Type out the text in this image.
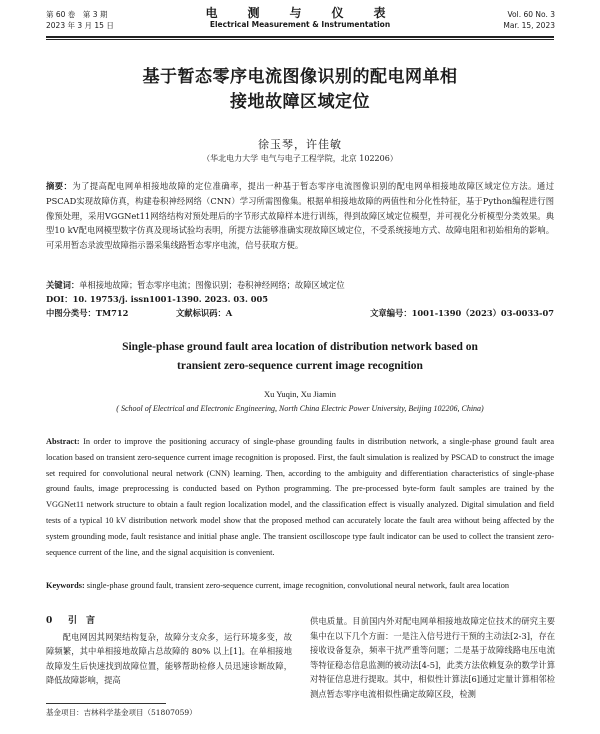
第 60 卷　第 3 期
2023 年 3 月 15 日
电　测　与　仪　表
Electrical Measurement & Instrumentation
Vol. 60 No. 3
Mar. 15, 2023
基于暂态零序电流图像识别的配电网单相
接地故障区域定位
徐玉琴，许佳敏
（华北电力大学 电气与电子工程学院，北京 102206）
摘要：为了提高配电网单相接地故障的定位准确率，提出一种基于暂态零序电流图像识别的配电网单相接地故障区域定位方法。通过PSCAD实现故障仿真，构建卷积神经网络（CNN）学习所需图像集。根据单相接地故障的两值性和分化性特征，基于Python编程进行图像预处理，采用VGGNet11网络结构对预处理后的字节形式故障样本进行训练，得到故障区域定位模型，并可视化分析模型分类效果。典型10 kV配电网模型数字仿真及现场试验均表明，所提方法能够准确实现故障区域定位，不受系统接地方式、故障电阻和初始相角的影响。可采用暂态录波型故障指示器采集线路暂态零序电流，信号获取方便。
关键词：单相接地故障；暂态零序电流；图像识别；卷积神经网络；故障区域定位
DOI：10. 19753/j. issn1001-1390. 2023. 03. 005
中图分类号：TM712	文献标识码：A	文章编号：1001-1390（2023）03-0033-07
Single-phase ground fault area location of distribution network based on
transient zero-sequence current image recognition
Xu Yuqin, Xu Jiamin
( School of Electrical and Electronic Engineering, North China Electric Power University, Beijing 102206, China)
Abstract: In order to improve the positioning accuracy of single-phase grounding faults in distribution network, a single-phase ground fault area location based on transient zero-sequence current image recognition is proposed. First, the fault simulation is realized by PSCAD to construct the image set required for convolutional neural network (CNN) learning. Then, according to the ambiguity and differentiation characteristics of single-phase ground faults, image preprocessing is conducted based on Python programming. The pre-processed byte-form fault samples are trained by the VGGNet11 network structure to obtain a fault region localization model, and the classification effect is visually analyzed. Digital simulation and field tests of a typical 10 kV distribution network model show that the proposed method can accurately locate the fault area without being affected by the system grounding mode, fault resistance and initial phase angle. The transient oscilloscope type fault indicator can be used to collect the transient zero-sequence current of the line, and the signal acquisition is convenient.
Keywords: single-phase ground fault, transient zero-sequence current, image recognition, convolutional neural network, fault area location
0 引　言
配电网因其网架结构复杂，故障分支众多，运行环境多变，故障频繁，其中单相接地故障占总故障的 80% 以上[1]。在单相接地故障发生后快速找到故障位置，能够帮助检修人员迅速诊断故障，降低故障影响，提高
供电质量。目前国内外对配电网单相接地故障定位技术的研究主要集中在以下几个方面：一是注入信号进行干预的主动法[2-3]，存在接收设备复杂，频率干扰严重等问题；二是基于故障线路电压电流等特征稳态信息监测的被动法[4-5]，此类方法依赖复杂的数学计算对特征信息进行提取。其中，相似性计算法[6]通过定量计算相邻检测点暂态零序电流相似性确定故障区段，检测
基金项目：吉林科学基金项目（51807059）
